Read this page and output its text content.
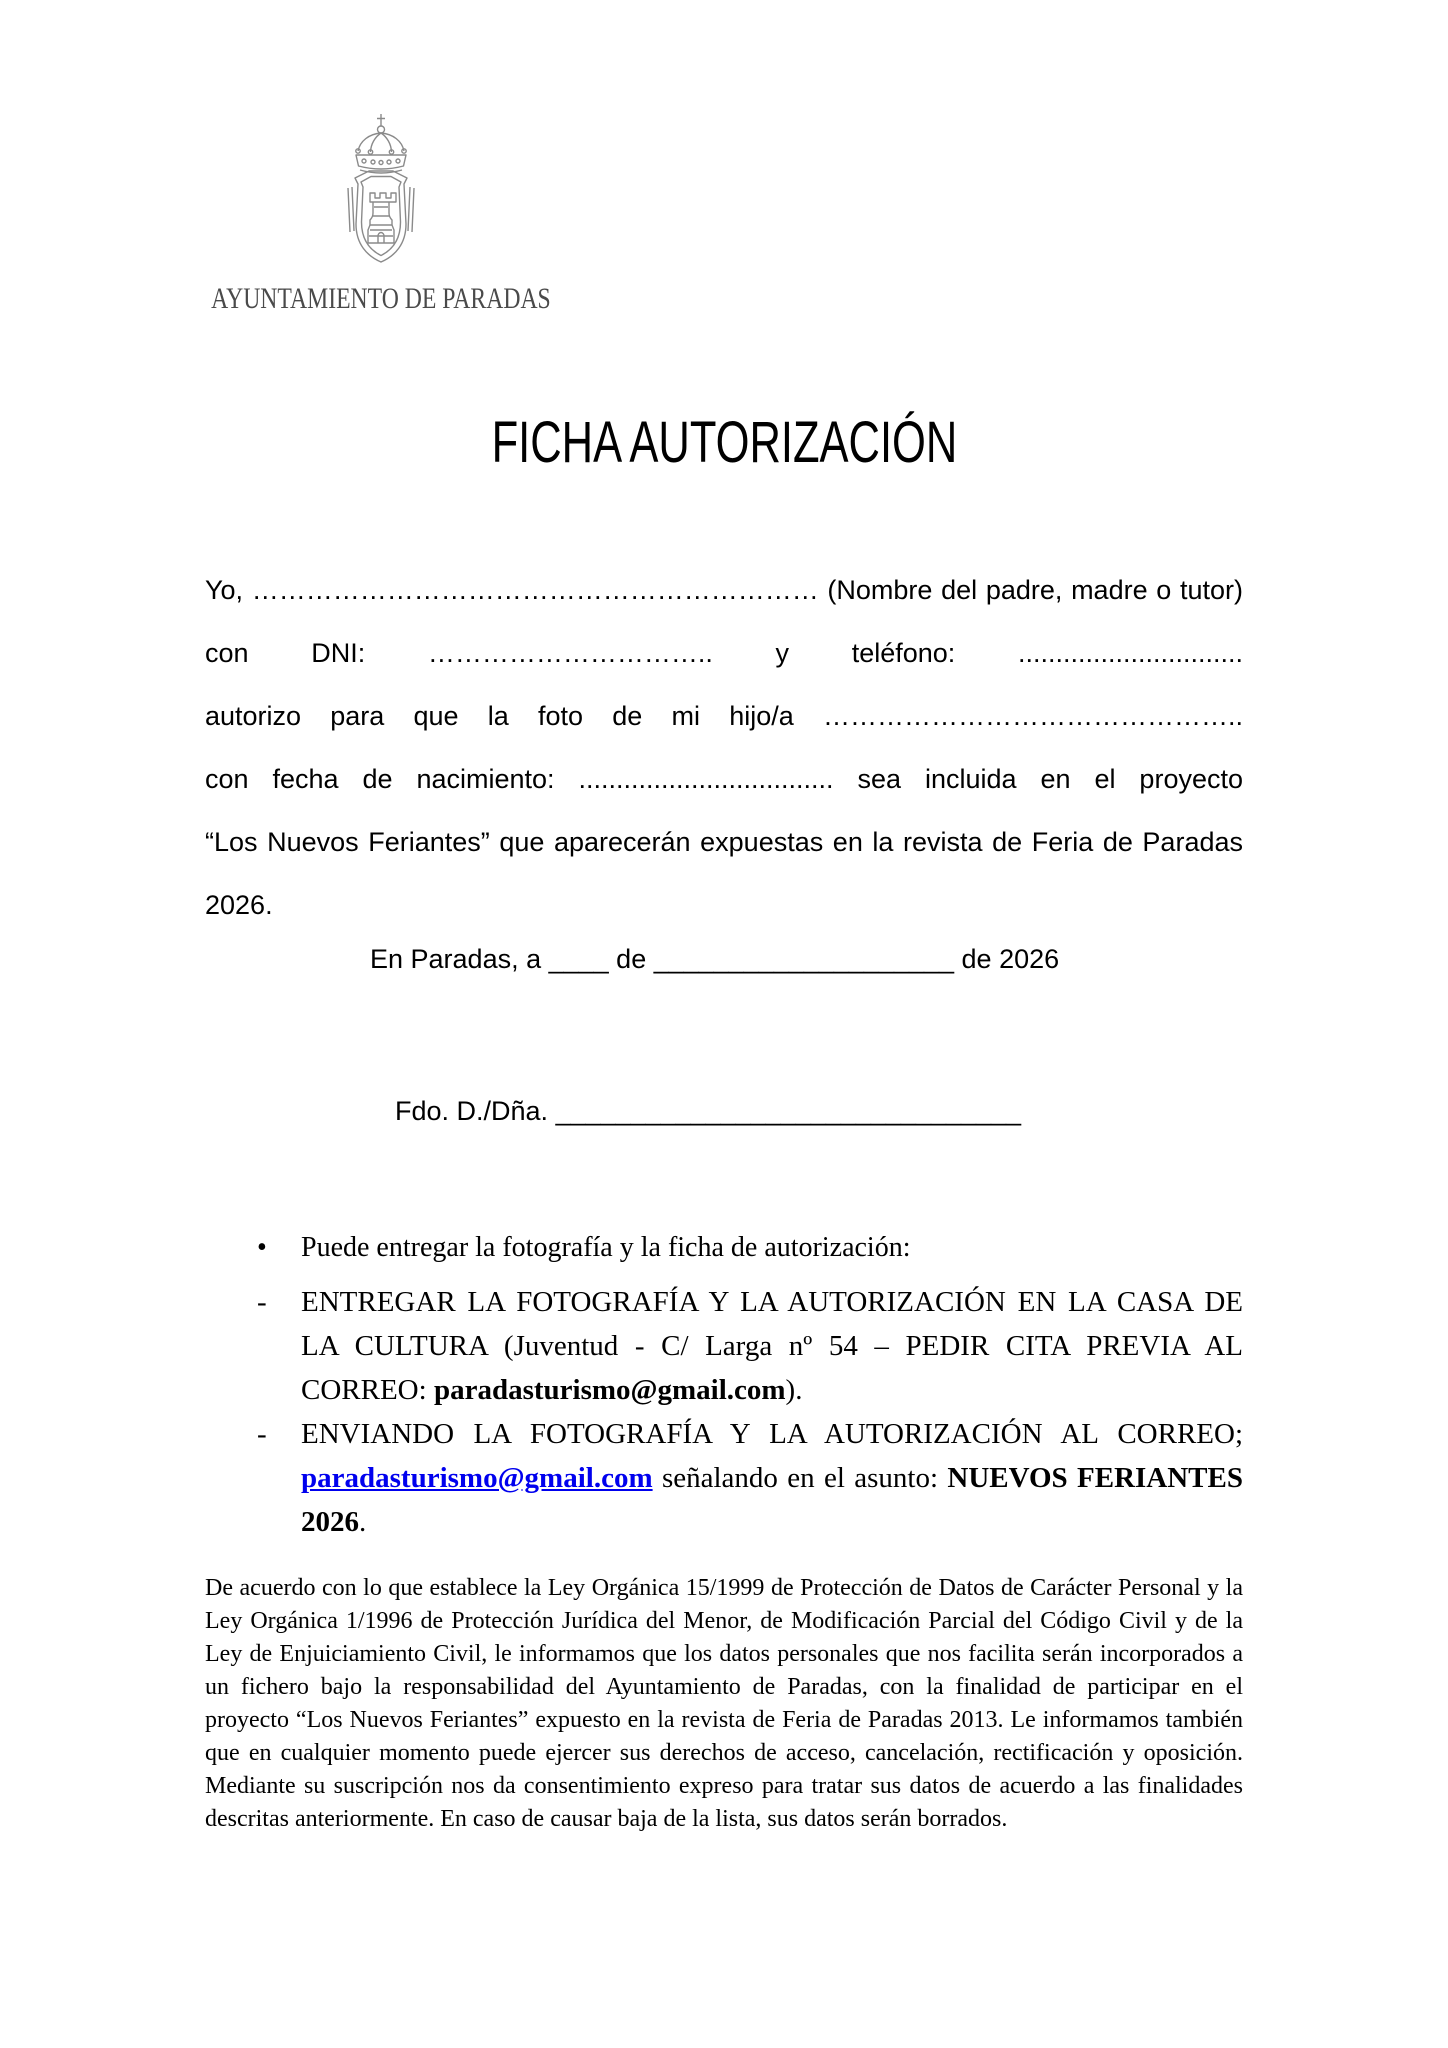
AYUNTAMIENTO DE PARADAS
FICHA AUTORIZACIÓN
Yo, ……………………………………………………… (Nombre del padre, madre o tutor)
con DNI: ………………………….. y teléfono: ..............................
autorizo para que la foto de mi hijo/a ………………………………………..
con fecha de nacimiento: .................................. sea incluida en el proyecto
“Los Nuevos Feriantes” que aparecerán expuestas en la revista de Feria de Paradas
2026.
En Paradas, a ____ de ____________________ de 2026
Fdo. D./Dña. _______________________________
•	Puede entregar la fotografía y la ficha de autorización:
-	ENTREGAR LA FOTOGRAFÍA Y LA AUTORIZACIÓN EN LA CASA DE LA CULTURA (Juventud - C/ Larga nº 54 – PEDIR CITA PREVIA AL CORREO: paradasturismo@gmail.com).
-	ENVIANDO LA FOTOGRAFÍA Y LA AUTORIZACIÓN AL CORREO; paradasturismo@gmail.com señalando en el asunto: NUEVOS FERIANTES 2026.
De acuerdo con lo que establece la Ley Orgánica 15/1999 de Protección de Datos de Carácter Personal y la Ley Orgánica 1/1996 de Protección Jurídica del Menor, de Modificación Parcial del Código Civil y de la Ley de Enjuiciamiento Civil, le informamos que los datos personales que nos facilita serán incorporados a un fichero bajo la responsabilidad del Ayuntamiento de Paradas, con la finalidad de participar en el proyecto “Los Nuevos Feriantes” expuesto en la revista de Feria de Paradas 2013. Le informamos también que en cualquier momento puede ejercer sus derechos de acceso, cancelación, rectificación y oposición. Mediante su suscripción nos da consentimiento expreso para tratar sus datos de acuerdo a las finalidades descritas anteriormente. En caso de causar baja de la lista, sus datos serán borrados.
